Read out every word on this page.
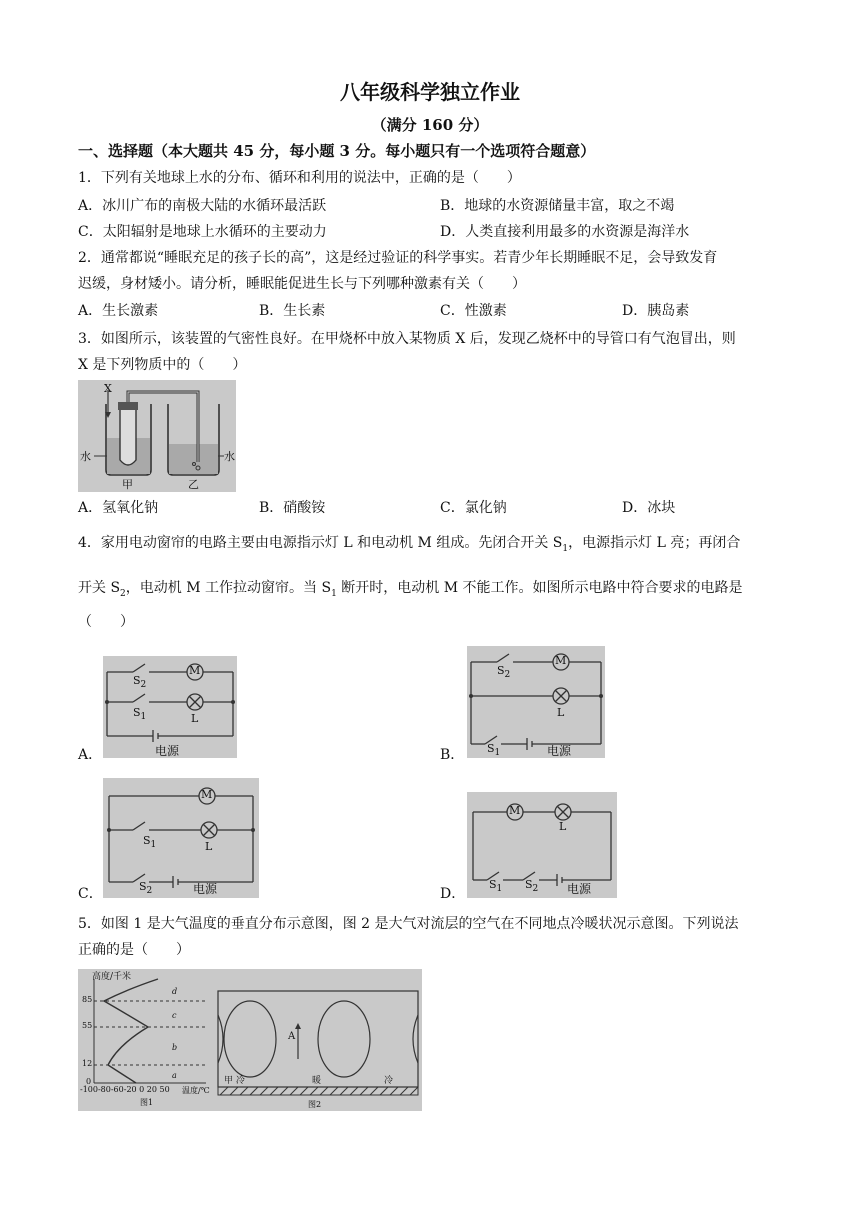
八年级科学独立作业
（满分 160 分）
一、选择题（本大题共 45 分，每小题 3 分。每小题只有一个选项符合题意）
1．下列有关地球上水的分布、循环和利用的说法中，正确的是（　　）
A．冰川广布的南极大陆的水循环最活跃	B．地球的水资源储量丰富，取之不竭
C．太阳辐射是地球上水循环的主要动力	D．人类直接利用最多的水资源是海洋水
2．通常都说“睡眠充足的孩子长的高”，这是经过验证的科学事实。若青少年长期睡眠不足，会导致发育
迟缓，身材矮小。请分析，睡眠能促进生长与下列哪种激素有关（　　）
A．生长激素	B．生长素	C．性激素	D．胰岛素
3．如图所示，该装置的气密性良好。在甲烧杯中放入某物质 X 后，发现乙烧杯中的导管口有气泡冒出，则
X 是下列物质中的（　　）
X
水	水
甲	乙
A．氢氧化钠	B．硝酸铵	C．氯化钠	D．冰块
4．家用电动窗帘的电路主要由电源指示灯 L 和电动机 M 组成。先闭合开关 $S_1$，电源指示灯 L 亮；再闭合
开关 $S_2$，电动机 M 工作拉动窗帘。当 $S_1$ 断开时，电动机 M 不能工作。如图所示电路中符合要求的电路是
（　　）
A．
M
$S_2$
$S_1$	L
电源	B．
M
$S_2$
L
$S_1$	电源
C．
M
$S_1$	L
$S_2$	电源	D．
M
L
$S_1$ $S_2$ 电源
5．如图 1 是大气温度的垂直分布示意图，图 2 是大气对流层的空气在不同地点冷暖状况示意图。下列说法
正确的是（　　）
高度/千米
85
55
12
0
d
c
b
a
-100-80-60-20 0 20 50 温度/℃
图1
A
甲 冷	暖	冷
图2
